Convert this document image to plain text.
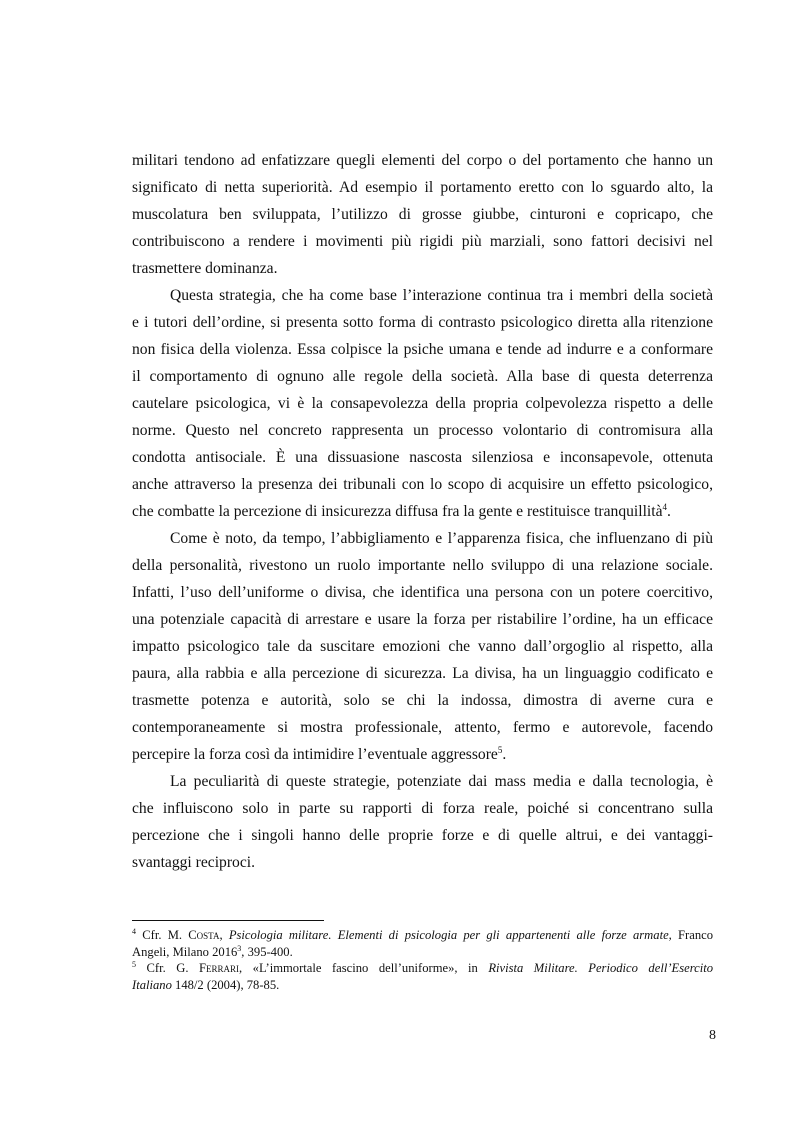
militari tendono ad enfatizzare quegli elementi del corpo o del portamento che hanno un
significato di netta superiorità. Ad esempio il portamento eretto con lo sguardo alto, la
muscolatura ben sviluppata, l’utilizzo di grosse giubbe, cinturoni e copricapo, che
contribuiscono a rendere i movimenti più rigidi più marziali, sono fattori decisivi nel
trasmettere dominanza.
Questa strategia, che ha come base l’interazione continua tra i membri della società
e i tutori dell’ordine, si presenta sotto forma di contrasto psicologico diretta alla ritenzione
non fisica della violenza. Essa colpisce la psiche umana e tende ad indurre e a conformare
il comportamento di ognuno alle regole della società. Alla base di questa deterrenza
cautelare psicologica, vi è la consapevolezza della propria colpevolezza rispetto a delle
norme. Questo nel concreto rappresenta un processo volontario di contromisura alla
condotta antisociale. È una dissuasione nascosta silenziosa e inconsapevole, ottenuta
anche attraverso la presenza dei tribunali con lo scopo di acquisire un effetto psicologico,
che combatte la percezione di insicurezza diffusa fra la gente e restituisce tranquillità$^4$.
Come è noto, da tempo, l’abbigliamento e l’apparenza fisica, che influenzano di più
della personalità, rivestono un ruolo importante nello sviluppo di una relazione sociale.
Infatti, l’uso dell’uniforme o divisa, che identifica una persona con un potere coercitivo,
una potenziale capacità di arrestare e usare la forza per ristabilire l’ordine, ha un efficace
impatto psicologico tale da suscitare emozioni che vanno dall’orgoglio al rispetto, alla
paura, alla rabbia e alla percezione di sicurezza. La divisa, ha un linguaggio codificato e
trasmette potenza e autorità, solo se chi la indossa, dimostra di averne cura e
contemporaneamente si mostra professionale, attento, fermo e autorevole, facendo
percepire la forza così da intimidire l’eventuale aggressore$^5$.
La peculiarità di queste strategie, potenziate dai mass media e dalla tecnologia, è
che influiscono solo in parte su rapporti di forza reale, poiché si concentrano sulla
percezione che i singoli hanno delle proprie forze e di quelle altrui, e dei vantaggi-
svantaggi reciproci.
$^4$ Cfr. M. Costa, Psicologia militare. Elementi di psicologia per gli appartenenti alle forze armate, Franco
Angeli, Milano 2016$^3$, 395-400.
$^5$ Cfr. G. Ferrari, «L’immortale fascino dell’uniforme», in Rivista Militare. Periodico dell’Esercito
Italiano 148/2 (2004), 78-85.
8
